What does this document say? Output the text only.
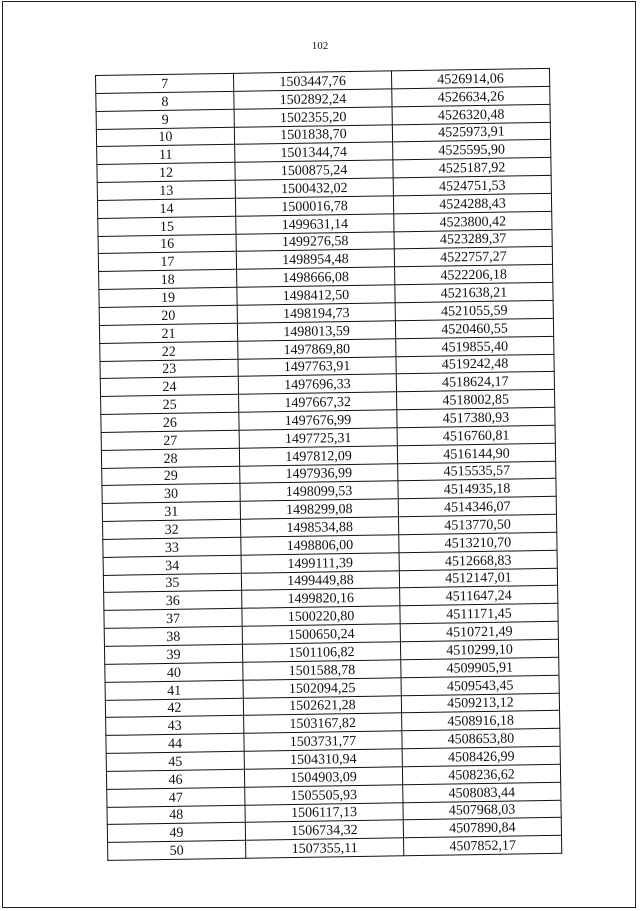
102
7	1503447,76	4526914,06
8	1502892,24	4526634,26
9	1502355,20	4526320,48
10	1501838,70	4525973,91
11	1501344,74	4525595,90
12	1500875,24	4525187,92
13	1500432,02	4524751,53
14	1500016,78	4524288,43
15	1499631,14	4523800,42
16	1499276,58	4523289,37
17	1498954,48	4522757,27
18	1498666,08	4522206,18
19	1498412,50	4521638,21
20	1498194,73	4521055,59
21	1498013,59	4520460,55
22	1497869,80	4519855,40
23	1497763,91	4519242,48
24	1497696,33	4518624,17
25	1497667,32	4518002,85
26	1497676,99	4517380,93
27	1497725,31	4516760,81
28	1497812,09	4516144,90
29	1497936,99	4515535,57
30	1498099,53	4514935,18
31	1498299,08	4514346,07
32	1498534,88	4513770,50
33	1498806,00	4513210,70
34	1499111,39	4512668,83
35	1499449,88	4512147,01
36	1499820,16	4511647,24
37	1500220,80	4511171,45
38	1500650,24	4510721,49
39	1501106,82	4510299,10
40	1501588,78	4509905,91
41	1502094,25	4509543,45
42	1502621,28	4509213,12
43	1503167,82	4508916,18
44	1503731,77	4508653,80
45	1504310,94	4508426,99
46	1504903,09	4508236,62
47	1505505,93	4508083,44
48	1506117,13	4507968,03
49	1506734,32	4507890,84
50	1507355,11	4507852,17
